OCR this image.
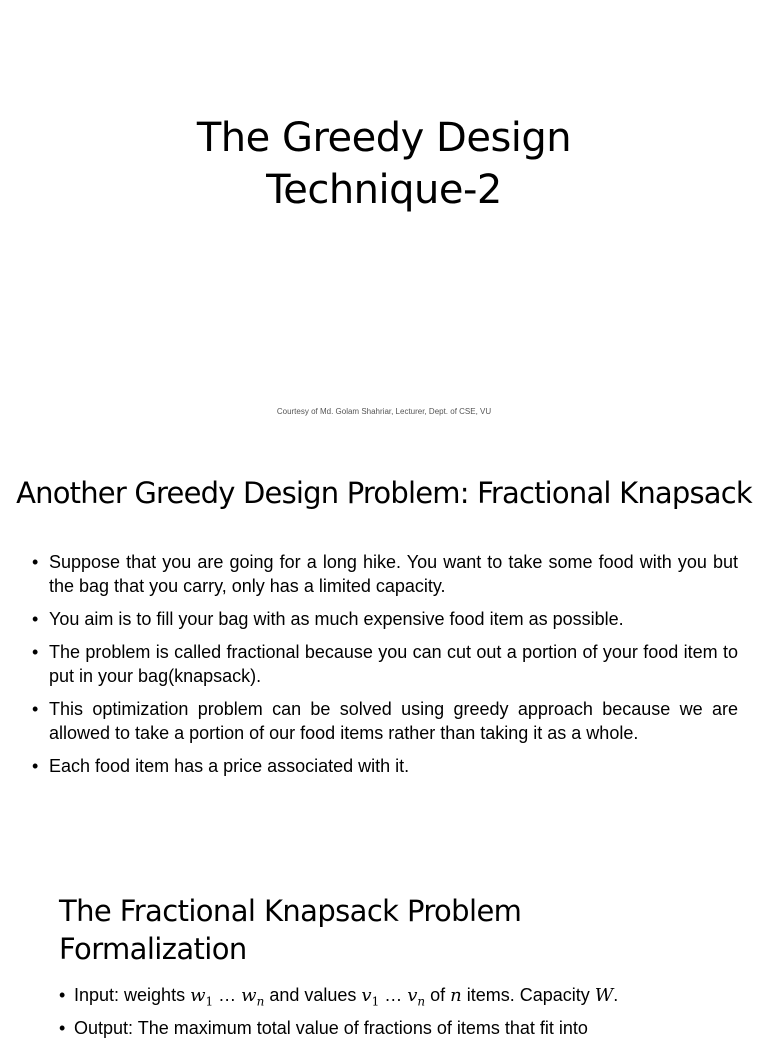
The Greedy Design
Technique-2
Courtesy of Md. Golam Shahriar, Lecturer, Dept. of CSE, VU
Another Greedy Design Problem: Fractional Knapsack
• Suppose that you are going for a long hike. You want to take some food with you but the bag that you carry, only has a limited capacity.
• You aim is to fill your bag with as much expensive food item as possible.
• The problem is called fractional because you can cut out a portion of your food item to put in your bag(knapsack).
• This optimization problem can be solved using greedy approach because we are allowed to take a portion of our food items rather than taking it as a whole.
• Each food item has a price associated with it.
The Fractional Knapsack Problem
Formalization
• Input: weights $w_1$ … $w_n$ and values $v_1$ … $v_n$ of n items. Capacity W.
• Output: The maximum total value of fractions of items that fit into
